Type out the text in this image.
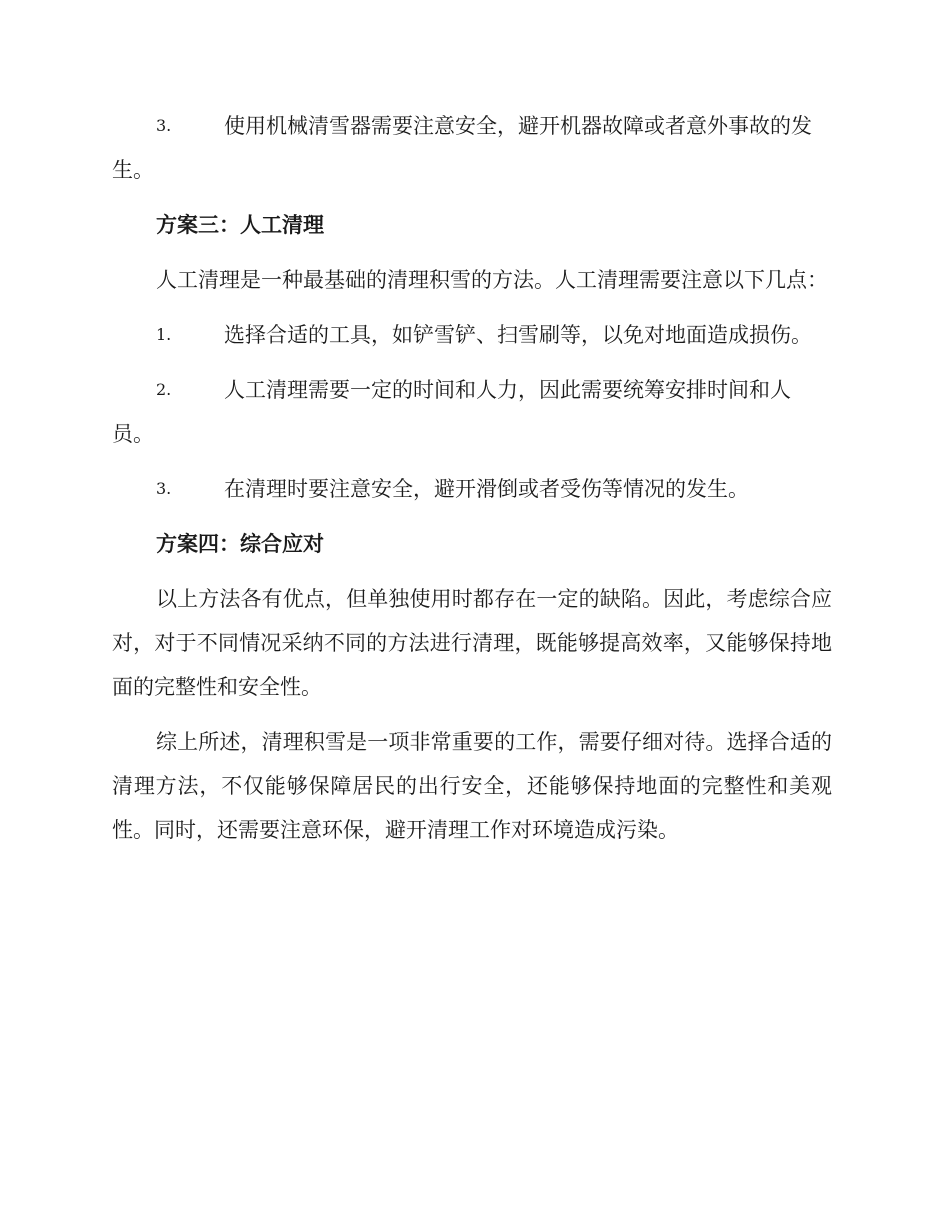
3.	使用机械清雪器需要注意安全，避开机器故障或者意外事故的发生。
方案三：人工清理
人工清理是一种最基础的清理积雪的方法。人工清理需要注意以下几点：
1.	选择合适的工具，如铲雪铲、扫雪刷等，以免对地面造成损伤。
2.	人工清理需要一定的时间和人力，因此需要统筹安排时间和人员。
3.	在清理时要注意安全，避开滑倒或者受伤等情况的发生。
方案四：综合应对
以上方法各有优点，但单独使用时都存在一定的缺陷。因此，考虑综合应对，对于不同情况采纳不同的方法进行清理，既能够提高效率，又能够保持地面的完整性和安全性。
综上所述，清理积雪是一项非常重要的工作，需要仔细对待。选择合适的清理方法，不仅能够保障居民的出行安全，还能够保持地面的完整性和美观性。同时，还需要注意环保，避开清理工作对环境造成污染。
